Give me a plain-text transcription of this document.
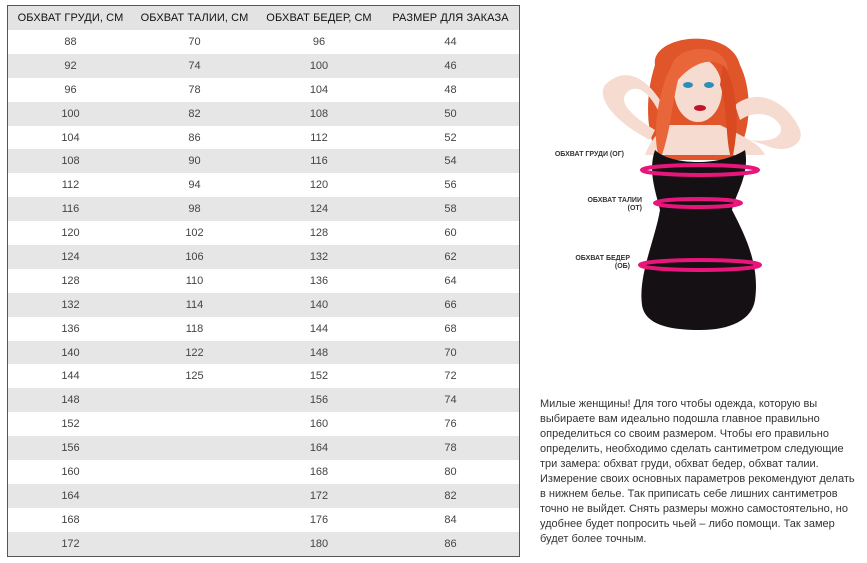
ОБХВАТ ГРУДИ, СМ	ОБХВАТ ТАЛИИ, СМ	ОБХВАТ БЕДЕР, СМ	РАЗМЕР ДЛЯ ЗАКАЗА
88	70	96	44
92	74	100	46
96	78	104	48
100	82	108	50
104	86	112	52
108	90	116	54
112	94	120	56
116	98	124	58
120	102	128	60
124	106	132	62
128	110	136	64
132	114	140	66
136	118	144	68
140	122	148	70
144	125	152	72
148		156	74
152		160	76
156		164	78
160		168	80
164		172	82
168		176	84
172		180	86
ОБХВАТ ГРУДИ (ОГ)
ОБХВАТ ТАЛИИ (ОТ)
ОБХВАТ БЕДЕР (ОБ)
Милые женщины! Для того чтобы одежда, которую вы выбираете вам идеально подошла главное правильно определиться со своим размером. Чтобы его правильно определить, необходимо сделать сантиметром следующие три замера: обхват груди, обхват бедер, обхват талии. Измерение своих основных параметров рекомендуют делать в нижнем белье. Так приписать себе лишних сантиметров точно не выйдет. Снять размеры можно самостоятельно, но удобнее будет попросить чьей – либо помощи. Так замер будет более точным.
